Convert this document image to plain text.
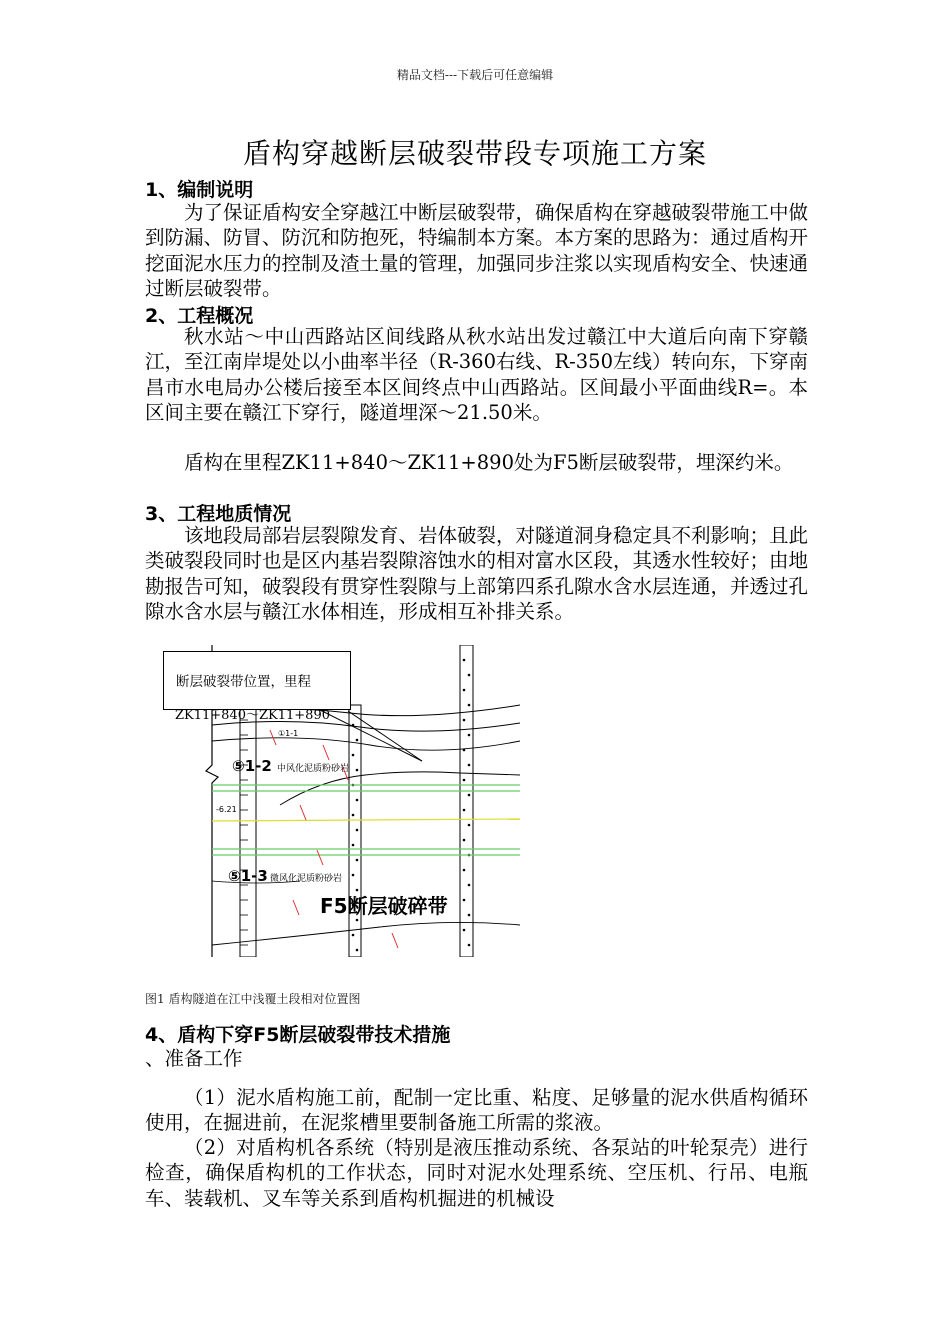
精品文档---下载后可任意编辑
盾构穿越断层破裂带段专项施工方案
1、编制说明
为了保证盾构安全穿越江中断层破裂带，确保盾构在穿越破裂带施工中做到防漏、防冒、防沉和防抱死，特编制本方案。本方案的思路为：通过盾构开挖面泥水压力的控制及渣土量的管理，加强同步注浆以实现盾构安全、快速通过断层破裂带。
2、工程概况
秋水站～中山西路站区间线路从秋水站出发过赣江中大道后向南下穿赣江，至江南岸堤处以小曲率半径（R-360右线、R-350左线）转向东，下穿南昌市水电局办公楼后接至本区间终点中山西路站。区间最小平面曲线R=。本区间主要在赣江下穿行，隧道埋深～21.50米。
盾构在里程ZK11+840～ZK11+890处为F5断层破裂带，埋深约米。
3、工程地质情况
该地段局部岩层裂隙发育、岩体破裂，对隧道洞身稳定具不利影响；且此类破裂段同时也是区内基岩裂隙溶蚀水的相对富水区段，其透水性较好；由地勘报告可知，破裂段有贯穿性裂隙与上部第四系孔隙水含水层连通，并透过孔隙水含水层与赣江水体相连，形成相互补排关系。
⑤1-2 中风化泥质粉砂岩
⑤1-3 微风化泥质粉砂岩
F5断层破碎带
①1-1
-6.21
断层破裂带位置，里程
ZK11+840～ZK11+890
图1 盾构隧道在江中浅覆土段相对位置图
4、盾构下穿F5断层破裂带技术措施
、准备工作
（1）泥水盾构施工前，配制一定比重、粘度、足够量的泥水供盾构循环使用，在掘进前，在泥浆槽里要制备施工所需的浆液。
（2）对盾构机各系统（特别是液压推动系统、各泵站的叶轮泵壳）进行检查，确保盾构机的工作状态，同时对泥水处理系统、空压机、行吊、电瓶车、装载机、叉车等关系到盾构机掘进的机械设
